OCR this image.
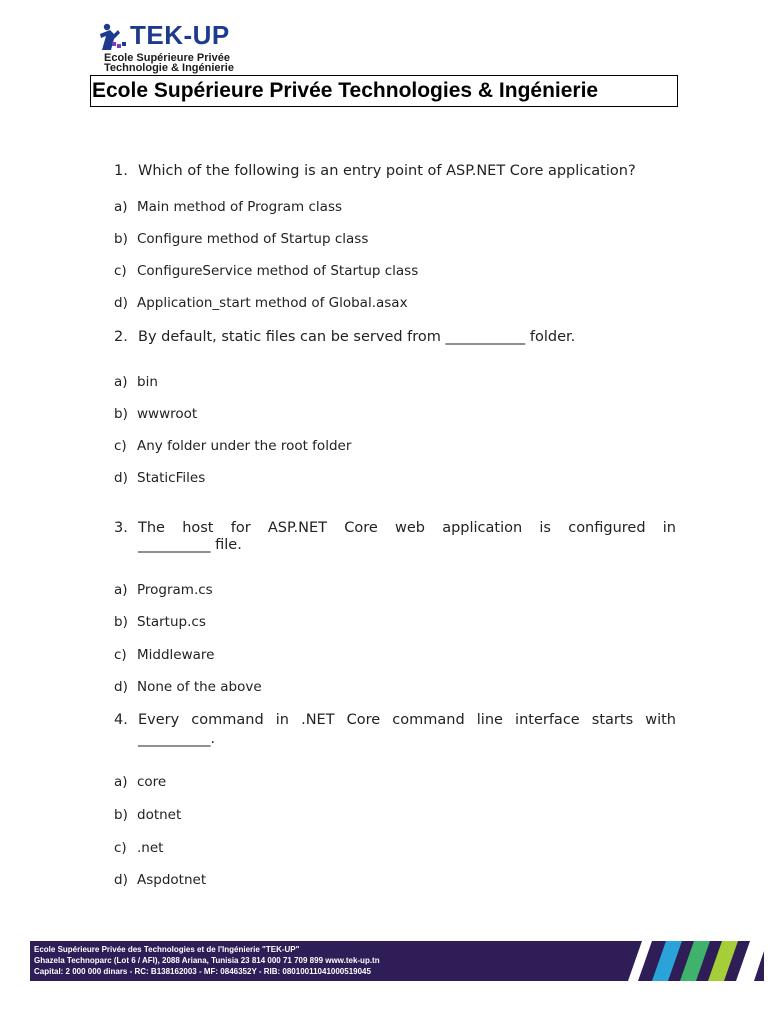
TEK-UP
Ecole Supérieure Privée
Technologie & Ingénierie
Ecole Supérieure Privée Technologies & Ingénierie
1. Which of the following is an entry point of ASP.NET Core application?
a) Main method of Program class
b) Configure method of Startup class
c) ConfigureService method of Startup class
d) Application_start method of Global.asax
2. By default, static files can be served from ___________ folder.
a) bin
b) wwwroot
c) Any folder under the root folder
d) StaticFiles
3. The host for ASP.NET Core web application is configured in
__________ file.
a) Program.cs
b) Startup.cs
c) Middleware
d) None of the above
4. Every command in .NET Core command line interface starts with
__________.
a) core
b) dotnet
c) .net
d) Aspdotnet
Ecole Supérieure Privée des Technologies et de l'Ingénierie "TEK-UP"
Ghazela Technoparc (Lot 6 / AFI), 2088 Ariana, Tunisia 23 814 000 71 709 899 www.tek-up.tn
Capital: 2 000 000 dinars - RC: B138162003 - MF: 0846352Y - RIB: 08010011041000519045
